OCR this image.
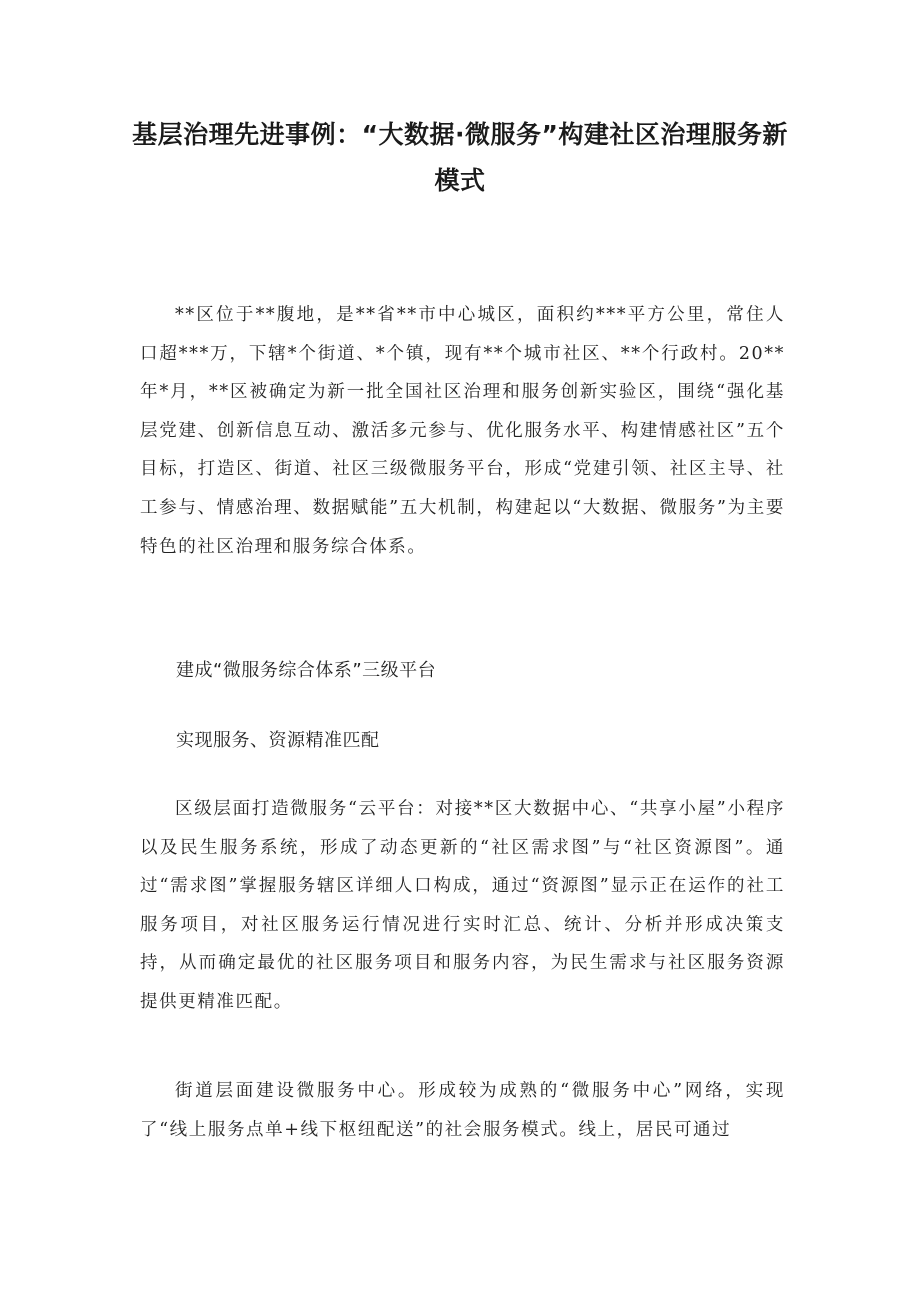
基层治理先进事例：“大数据·微服务”构建社区治理服务新模式

**区位于**腹地，是**省**市中心城区，面积约***平方公里，常住人口超***万，下辖*个街道、*个镇，现有**个城市社区、**个行政村。20**年*月，**区被确定为新一批全国社区治理和服务创新实验区，围绕“强化基层党建、创新信息互动、激活多元参与、优化服务水平、构建情感社区”五个目标，打造区、街道、社区三级微服务平台，形成“党建引领、社区主导、社工参与、情感治理、数据赋能”五大机制，构建起以“大数据、微服务”为主要特色的社区治理和服务综合体系。

建成“微服务综合体系”三级平台

实现服务、资源精准匹配

区级层面打造微服务“云平台：对接**区大数据中心、“共享小屋”小程序以及民生服务系统，形成了动态更新的“社区需求图”与“社区资源图”。通过“需求图”掌握服务辖区详细人口构成，通过“资源图”显示正在运作的社工服务项目，对社区服务运行情况进行实时汇总、统计、分析并形成决策支持，从而确定最优的社区服务项目和服务内容，为民生需求与社区服务资源提供更精准匹配。

街道层面建设微服务中心。形成较为成熟的“微服务中心”网络，实现了“线上服务点单+线下枢纽配送”的社会服务模式。线上，居民可通过
